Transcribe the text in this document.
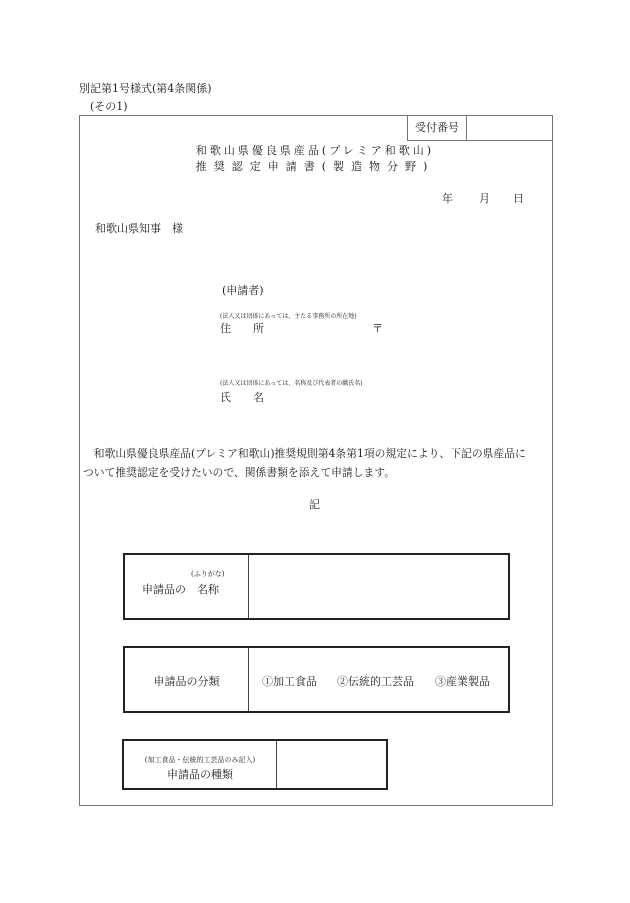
別記第1号様式(第4条関係)
(その1)
受付番号
和歌山県優良県産品(プレミア和歌山)
推奨認定申請書(製造物分野)
年 月 日
和歌山県知事　様
(申請者)
(法人又は団体にあっては、主たる事務所の所在地)
住　　所	〒
(法人又は団体にあっては、名称及び代表者の職氏名)
氏　　名
　和歌山県優良県産品(プレミア和歌山)推奨規則第4条第1項の規定により、下記の県産品に
ついて推奨認定を受けたいので、関係書類を添えて申請します。
記
(ふりがな)
申請品の　名称
申請品の分類	①加工食品 ②伝統的工芸品 ③産業製品
(加工食品・伝統的工芸品のみ記入)
申請品の種類
